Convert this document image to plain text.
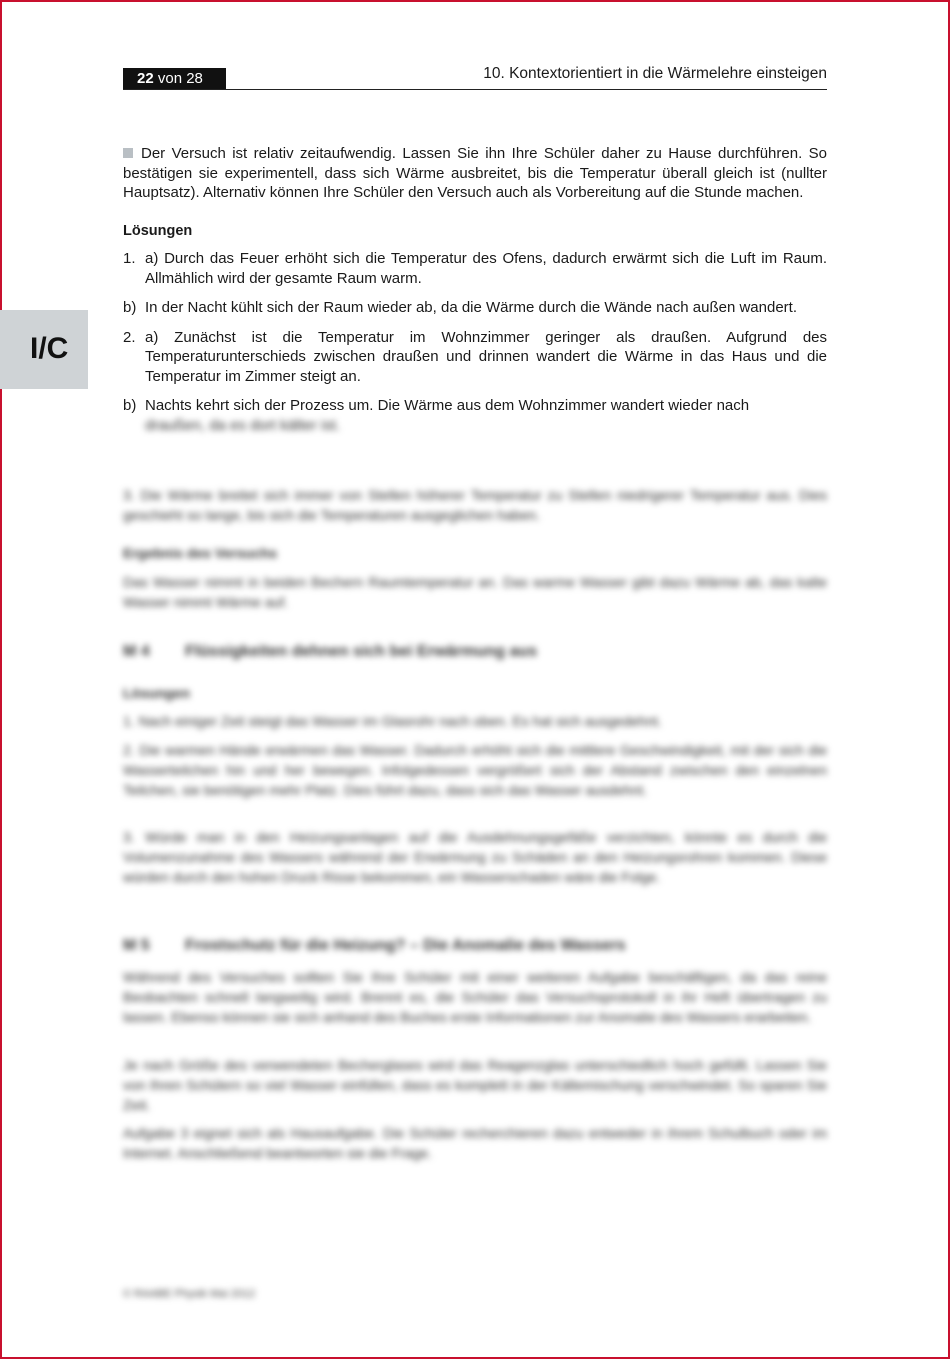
22 von 28	10. Kontextorientiert in die Wärmelehre einsteigen
I/C

Der Versuch ist relativ zeitaufwendig. Lassen Sie ihn Ihre Schüler daher zu Hause durchführen. So bestätigen sie experimentell, dass sich Wärme ausbreitet, bis die Temperatur überall gleich ist (nullter Hauptsatz). Alternativ können Ihre Schüler den Versuch auch als Vorbereitung auf die Stunde machen.

Lösungen
1. a) Durch das Feuer erhöht sich die Temperatur des Ofens, dadurch erwärmt sich die Luft im Raum. Allmählich wird der gesamte Raum warm.
b) In der Nacht kühlt sich der Raum wieder ab, da die Wärme durch die Wände nach außen wandert.
2. a) Zunächst ist die Temperatur im Wohnzimmer geringer als draußen. Aufgrund des Temperaturunterschieds zwischen draußen und drinnen wandert die Wärme in das Haus und die Temperatur im Zimmer steigt an.
b) Nachts kehrt sich der Prozess um. Die Wärme aus dem Wohnzimmer wandert wieder nach
draußen, da es dort kälter ist.
3. Die Wärme breitet sich immer von Stellen höherer Temperatur zu Stellen niedrigerer Temperatur aus. Dies geschieht so lange, bis sich die Temperaturen ausgeglichen haben.
Ergebnis des Versuchs
Das Wasser nimmt in beiden Bechern Raumtemperatur an. Das warme Wasser gibt dazu Wärme ab, das kalte Wasser nimmt Wärme auf.
M 4 Flüssigkeiten dehnen sich bei Erwärmung aus
Lösungen
1. Nach einiger Zeit steigt das Wasser im Glasrohr nach oben. Es hat sich ausgedehnt.
2. Die warmen Hände erwärmen das Wasser. Dadurch erhöht sich die mittlere Geschwindigkeit, mit der sich die Wasserteilchen hin und her bewegen. Infolgedessen vergrößert sich der Abstand zwischen den einzelnen Teilchen, sie benötigen mehr Platz. Dies führt dazu, dass sich das Wasser ausdehnt.
3. Würde man in den Heizungsanlagen auf die Ausdehnungsgefäße verzichten, könnte es durch die Volumenzunahme des Wassers während der Erwärmung zu Schäden an den Heizungsrohren kommen. Diese würden durch den hohen Druck Risse bekommen, ein Wasserschaden wäre die Folge.
M 5 Frostschutz für die Heizung? – Die Anomalie des Wassers
Während des Versuches sollten Sie Ihre Schüler mit einer weiteren Aufgabe beschäftigen, da das reine Beobachten schnell langweilig wird. Brennt es, die Schüler das Versuchsprotokoll in ihr Heft übertragen zu lassen. Ebenso können sie sich anhand des Buches erste Informationen zur Anomalie des Wassers erarbeiten.
Je nach Größe des verwendeten Becherglases wird das Reagenzglas unterschiedlich hoch gefüllt. Lassen Sie von Ihren Schülern so viel Wasser einfüllen, dass es komplett in der Kältemischung verschwindet. So sparen Sie Zeit.
Aufgabe 3 eignet sich als Hausaufgabe. Die Schüler recherchieren dazu entweder in ihrem Schulbuch oder im Internet. Anschließend beantworten sie die Frage.
© RAABE Physik Mai 2012
